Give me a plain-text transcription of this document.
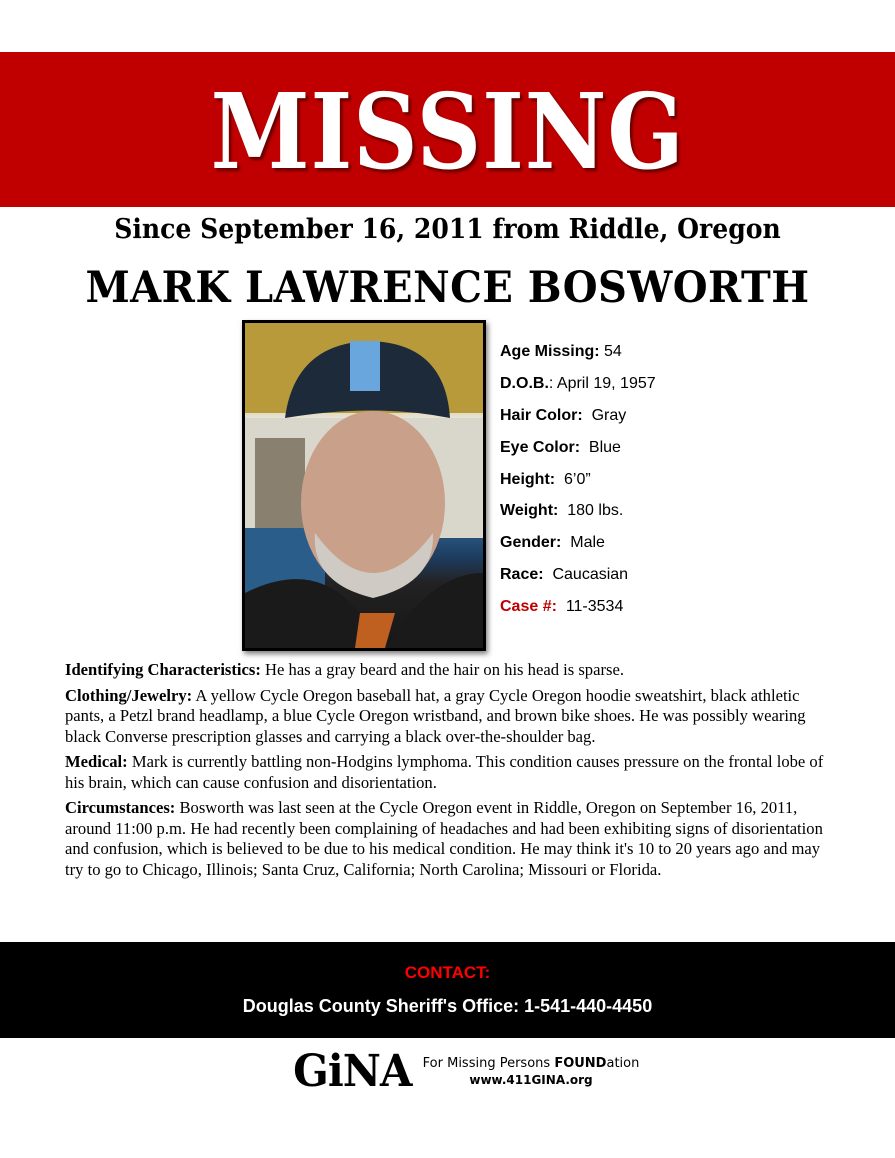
MISSING
Since September 16, 2011 from Riddle, Oregon
MARK LAWRENCE BOSWORTH
Age Missing: 54
D.O.B.: April 19, 1957
Hair Color:  Gray
Eye Color:  Blue
Height:  6’0”
Weight:  180 lbs.
Gender:  Male
Race:  Caucasian
Case #:  11-3534

Identifying Characteristics: He has a gray beard and the hair on his head is sparse.

Clothing/Jewelry: A yellow Cycle Oregon baseball hat, a gray Cycle Oregon hoodie sweatshirt, black athletic pants, a Petzl brand headlamp, a blue Cycle Oregon wristband, and brown bike shoes. He was possibly wearing black Converse prescription glasses and carrying a black over-the-shoulder bag.

Medical: Mark is currently battling non-Hodgins lymphoma. This condition causes pressure on the frontal lobe of his brain, which can cause confusion and disorientation.

Circumstances: Bosworth was last seen at the Cycle Oregon event in Riddle, Oregon on September 16, 2011, around 11:00 p.m. He had recently been complaining of headaches and had been exhibiting signs of disorientation and confusion, which is believed to be due to his medical condition. He may think it's 10 to 20 years ago and may try to go to Chicago, Illinois; Santa Cruz, California; North Carolina; Missouri or Florida.

CONTACT:
Douglas County Sheriff's Office: 1-541-440-4450
GiNA For Missing Persons FOUNDation
www.411GINA.org
